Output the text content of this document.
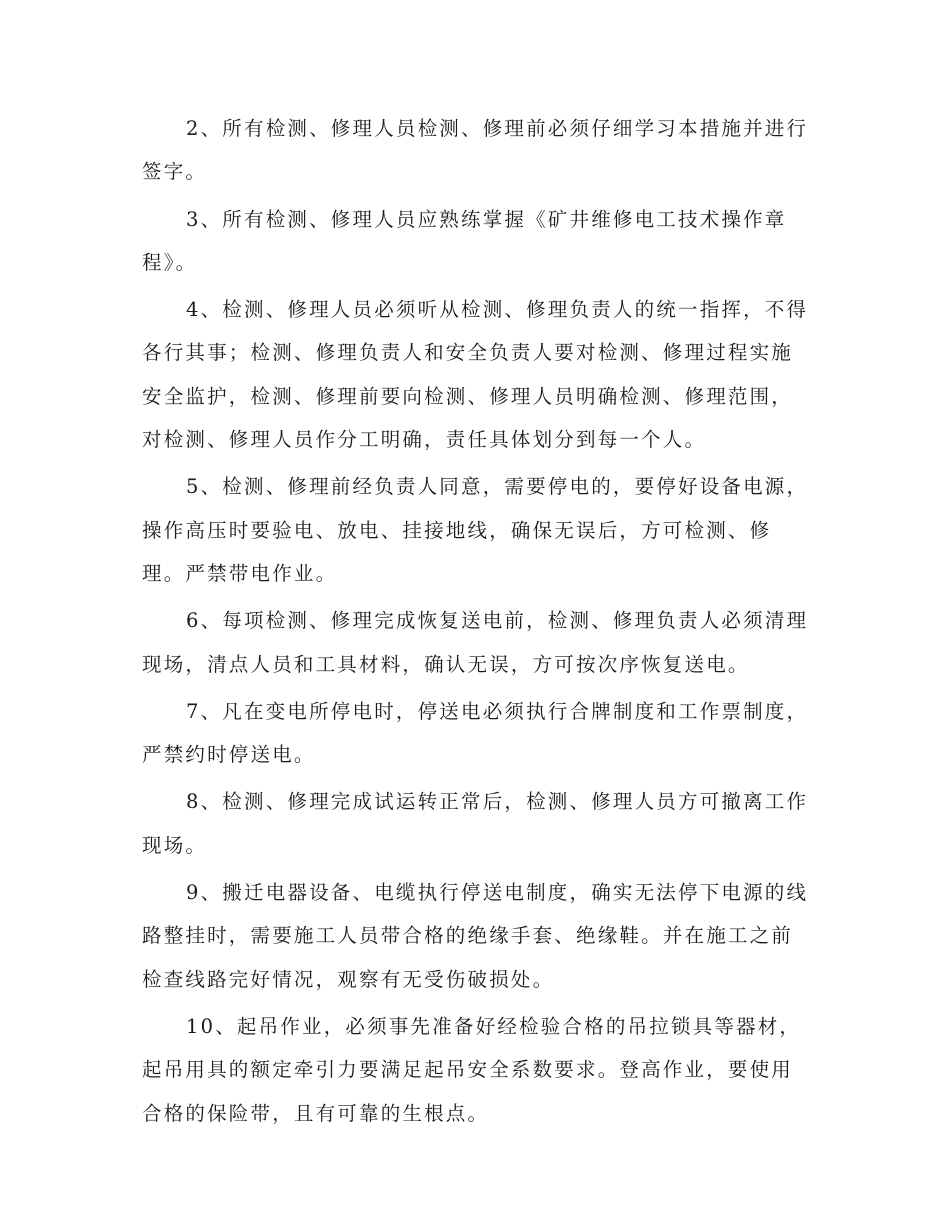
2、所有检测、修理人员检测、修理前必须仔细学习本措施并进行
签字。
3、所有检测、修理人员应熟练掌握《矿井维修电工技术操作章
程》。
4、检测、修理人员必须听从检测、修理负责人的统一指挥，不得
各行其事；检测、修理负责人和安全负责人要对检测、修理过程实施
安全监护，检测、修理前要向检测、修理人员明确检测、修理范围，
对检测、修理人员作分工明确，责任具体划分到每一个人。
5、检测、修理前经负责人同意，需要停电的，要停好设备电源，
操作高压时要验电、放电、挂接地线，确保无误后，方可检测、修
理。严禁带电作业。
6、每项检测、修理完成恢复送电前，检测、修理负责人必须清理
现场，清点人员和工具材料，确认无误，方可按次序恢复送电。
7、凡在变电所停电时，停送电必须执行合牌制度和工作票制度，
严禁约时停送电。
8、检测、修理完成试运转正常后，检测、修理人员方可撤离工作
现场。
9、搬迁电器设备、电缆执行停送电制度，确实无法停下电源的线
路整挂时，需要施工人员带合格的绝缘手套、绝缘鞋。并在施工之前
检查线路完好情况，观察有无受伤破损处。
10、起吊作业，必须事先准备好经检验合格的吊拉锁具等器材，
起吊用具的额定牵引力要满足起吊安全系数要求。登高作业，要使用
合格的保险带，且有可靠的生根点。
